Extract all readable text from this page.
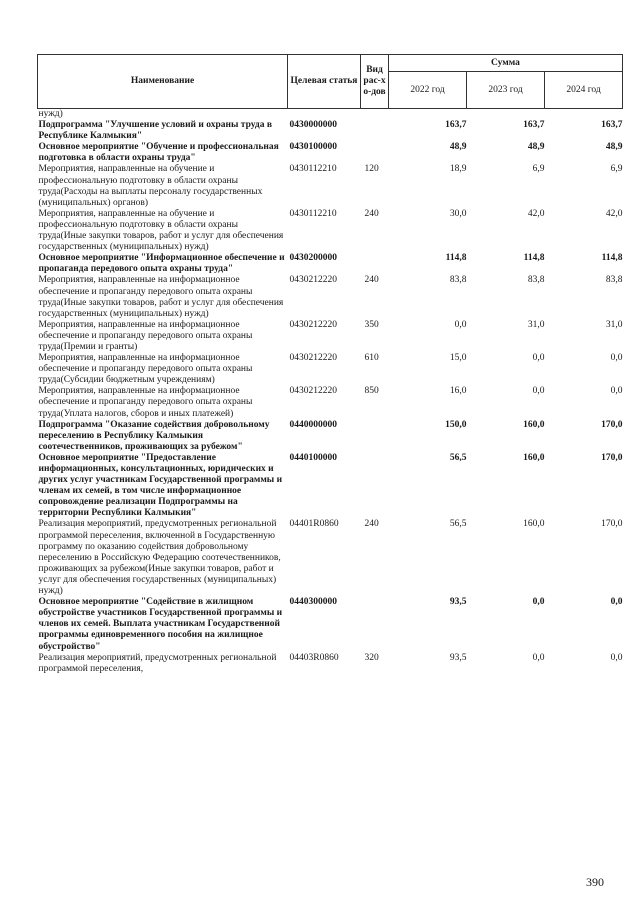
Наименование	Целевая статья	Вид рас-хо-дов	Сумма		
			2022 год	2023 год	2024 год
нужд)					
Подпрограмма "Улучшение условий и охраны труда в Республике Калмыкия"	0430000000		163,7	163,7	163,7
Основное мероприятие "Обучение и профессиональная подготовка в области охраны труда"	0430100000		48,9	48,9	48,9
Мероприятия, направленные на обучение и профессиональную подготовку в области охраны труда(Расходы на выплаты персоналу государственных (муниципальных) органов)	0430112210	120	18,9	6,9	6,9
Мероприятия, направленные на обучение и профессиональную подготовку в области охраны труда(Иные закупки товаров, работ и услуг для обеспечения государственных (муниципальных) нужд)	0430112210	240	30,0	42,0	42,0
Основное мероприятие "Информационное обеспечение и пропаганда передового опыта охраны труда"	0430200000		114,8	114,8	114,8
Мероприятия, направленные на информационное обеспечение и пропаганду передового опыта охраны труда(Иные закупки товаров, работ и услуг для обеспечения государственных (муниципальных) нужд)	0430212220	240	83,8	83,8	83,8
Мероприятия, направленные на информационное обеспечение и пропаганду передового опыта охраны труда(Премии и гранты)	0430212220	350	0,0	31,0	31,0
Мероприятия, направленные на информационное обеспечение и пропаганду передового опыта охраны труда(Субсидии бюджетным учреждениям)	0430212220	610	15,0	0,0	0,0
Мероприятия, направленные на информационное обеспечение и пропаганду передового опыта охраны труда(Уплата налогов, сборов и иных платежей)	0430212220	850	16,0	0,0	0,0
Подпрограмма "Оказание содействия добровольному переселению в Республику Калмыкия соотечественников, проживающих за рубежом"	0440000000		150,0	160,0	170,0
Основное мероприятие "Предоставление информационных, консультационных, юридических и других услуг участникам Государственной программы и членам их семей, в том числе информационное сопровождение реализации Подпрограммы на территории Республики Калмыкия"	0440100000		56,5	160,0	170,0
Реализация мероприятий, предусмотренных региональной программой переселения, включенной в Государственную программу по оказанию содействия добровольному переселению в Российскую Федерацию соотечественников, проживающих за рубежом(Иные закупки товаров, работ и услуг для обеспечения государственных (муниципальных) нужд)	04401R0860	240	56,5	160,0	170,0
Основное мероприятие "Содействие в жилищном обустройстве участников Государственной программы и членов их семей. Выплата участникам Государственной программы единовременного пособия на жилищное обустройство"	0440300000		93,5	0,0	0,0
Реализация мероприятий, предусмотренных региональной программой переселения,	04403R0860	320	93,5	0,0	0,0
390
